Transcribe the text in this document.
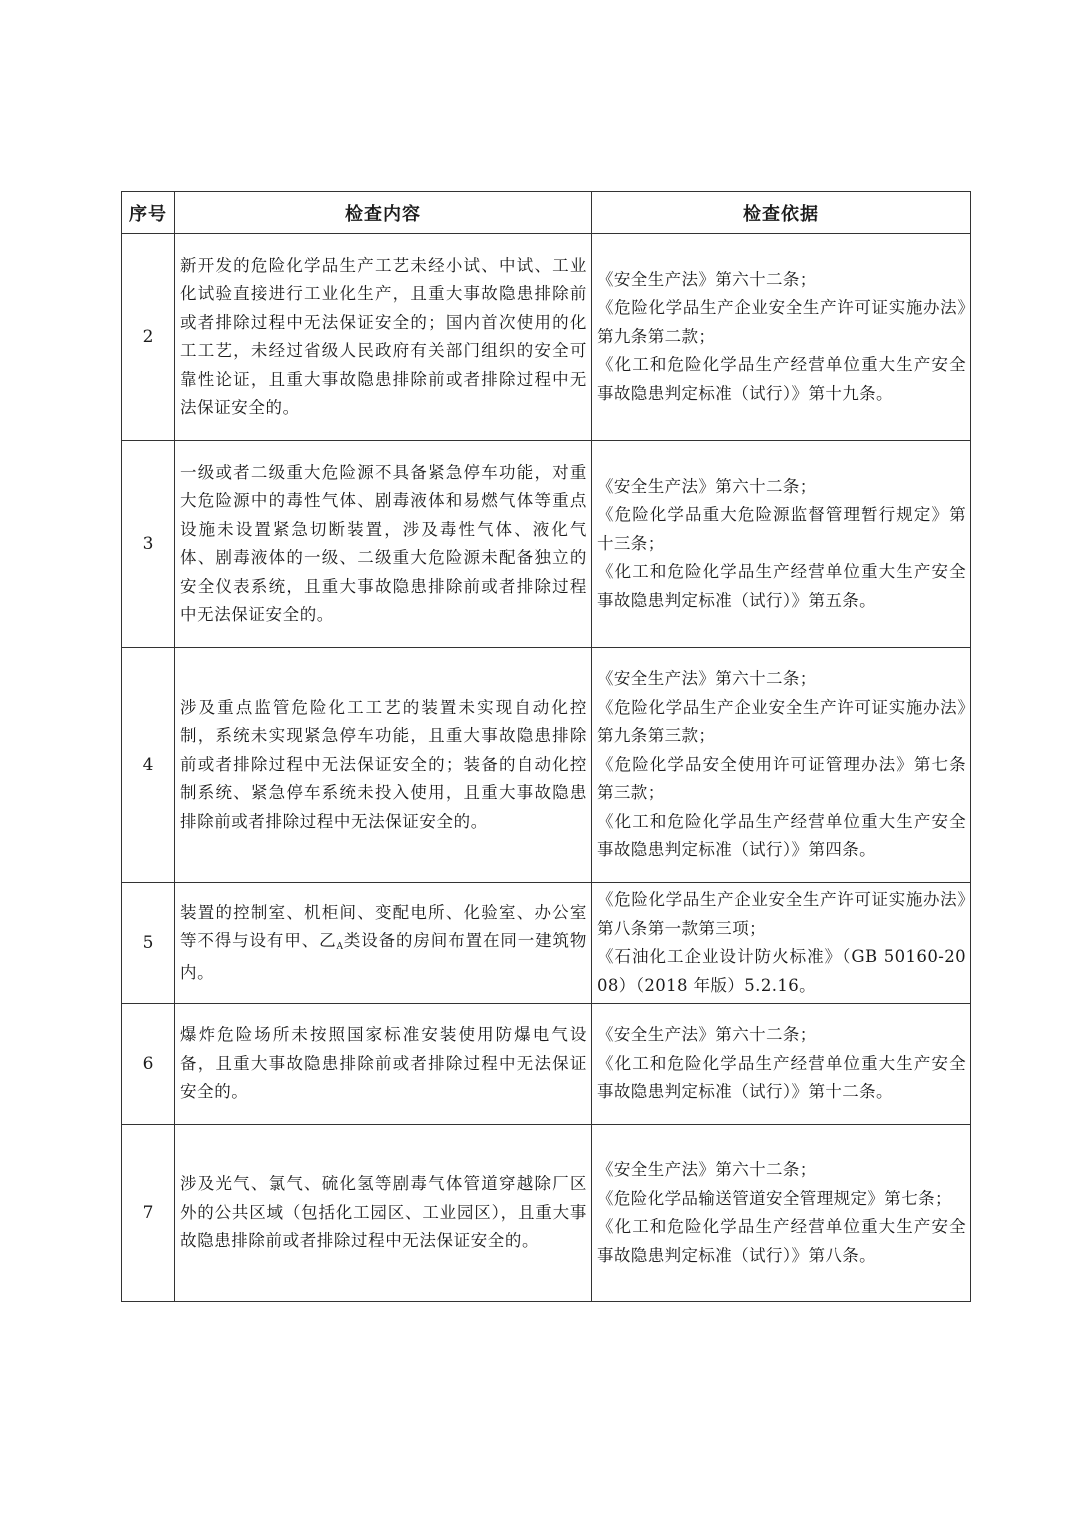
序号	检查内容	检查依据
2	新开发的危险化学品生产工艺未经小试、中试、工业化试验直接进行工业化生产，且重大事故隐患排除前或者排除过程中无法保证安全的；国内首次使用的化工工艺，未经过省级人民政府有关部门组织的安全可靠性论证，且重大事故隐患排除前或者排除过程中无法保证安全的。	《安全生产法》第六十二条；
《危险化学品生产企业安全生产许可证实施办法》第九条第二款；
《化工和危险化学品生产经营单位重大生产安全事故隐患判定标准（试行）》第十九条。

3	一级或者二级重大危险源不具备紧急停车功能，对重大危险源中的毒性气体、剧毒液体和易燃气体等重点设施未设置紧急切断装置，涉及毒性气体、液化气体、剧毒液体的一级、二级重大危险源未配备独立的安全仪表系统，且重大事故隐患排除前或者排除过程中无法保证安全的。	《安全生产法》第六十二条；
《危险化学品重大危险源监督管理暂行规定》第十三条；
《化工和危险化学品生产经营单位重大生产安全事故隐患判定标准（试行）》第五条。

4	涉及重点监管危险化工工艺的装置未实现自动化控制，系统未实现紧急停车功能，且重大事故隐患排除前或者排除过程中无法保证安全的；装备的自动化控制系统、紧急停车系统未投入使用，且重大事故隐患排除前或者排除过程中无法保证安全的。	《安全生产法》第六十二条；
《危险化学品生产企业安全生产许可证实施办法》第九条第三款；
《危险化学品安全使用许可证管理办法》第七条第三款；
《化工和危险化学品生产经营单位重大生产安全事故隐患判定标准（试行）》第四条。

5	装置的控制室、机柜间、变配电所、化验室、办公室等不得与设有甲、乙$_A$类设备的房间布置在同一建筑物内。	《危险化学品生产企业安全生产许可证实施办法》第八条第一款第三项；
《石油化工企业设计防火标准》（GB 50160-2008）（2018 年版）5.2.16。

6	爆炸危险场所未按照国家标准安装使用防爆电气设备，且重大事故隐患排除前或者排除过程中无法保证安全的。	《安全生产法》第六十二条；
《化工和危险化学品生产经营单位重大生产安全事故隐患判定标准（试行）》第十二条。

7	涉及光气、氯气、硫化氢等剧毒气体管道穿越除厂区外的公共区域（包括化工园区、工业园区），且重大事故隐患排除前或者排除过程中无法保证安全的。	《安全生产法》第六十二条；
《危险化学品输送管道安全管理规定》第七条；
《化工和危险化学品生产经营单位重大生产安全事故隐患判定标准（试行）》第八条。
